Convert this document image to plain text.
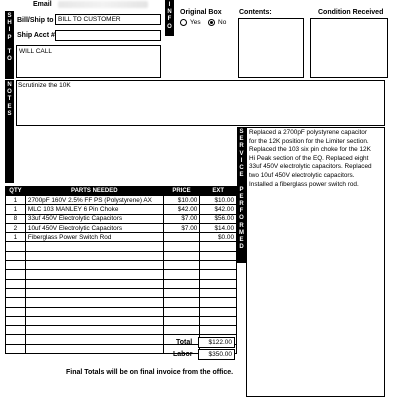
Email
S
H
I
P

T
O
Bill/Ship to BILL TO CUSTOMER
Ship Acct #
WILL CALL
I
N
F
O
Original Box
Yes	No
Contents:	Condition Received
N
O
T
E
S
Scrutinize the 10K
S
E
R
V
I
C
E

P
E
R
F
O
R
M
E
D
Replaced a 2700pF polystyrene capacitor
for the 12K position for the Limiter section.
Replaced the 103 six pin choke for the 12K
Hi Peak section of the EQ. Replaced eight
33uf 450V electrolytic capacitors. Replaced
two 10uf 450V electrolytic capacitors.
Installed a fiberglass power switch rod.
QTY	PARTS NEEDED	PRICE	EXT
1	2700pF 160V 2.5% FF PS (Polystyrene) AX	$10.00	$10.00
1	MLC 103 MANLEY 6 Pin Choke	$42.00	$42.00
8	33uf 450V Electrolytic Capacitors	$7.00	$56.00
2	10uf 450V Electrolytic Capacitors	$7.00	$14.00
1	Fiberglass Power Switch Rod		$0.00

Total	$122.00
Labor	$350.00
Final Totals will be on final invoice from the office.
